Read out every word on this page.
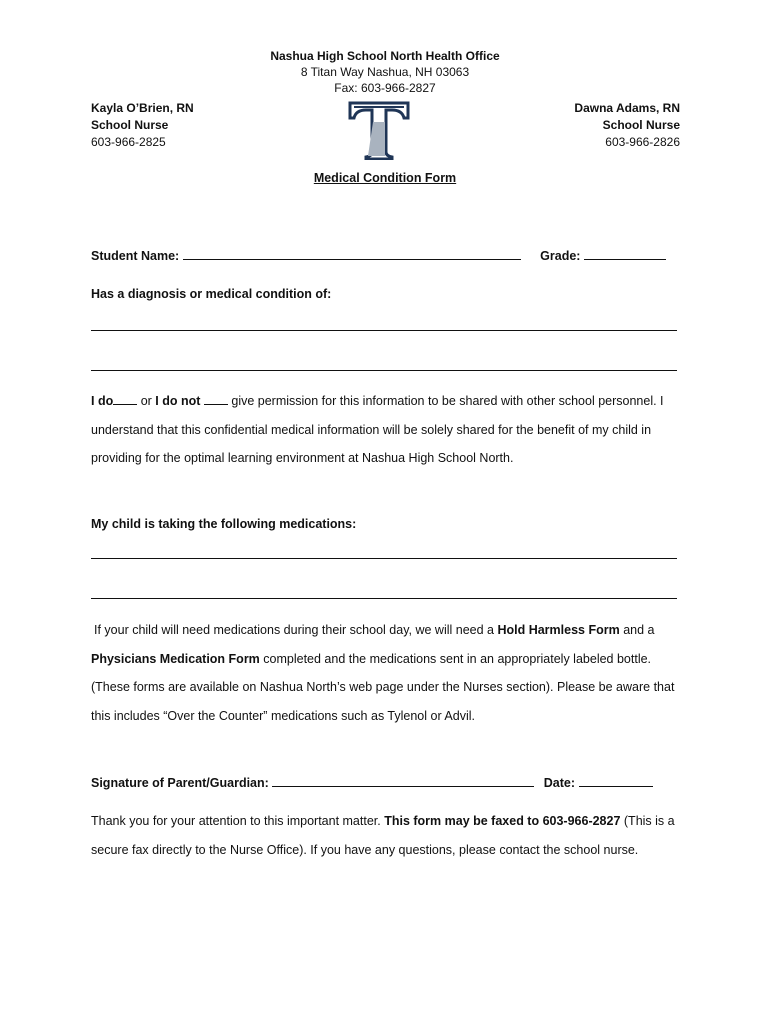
Nashua High School North Health Office
8 Titan Way Nashua, NH 03063
Fax: 603-966-2827
Kayla O’Brien, RN
School Nurse
603-966-2825
Dawna Adams, RN
School Nurse
603-966-2826
Medical Condition Form
Student Name:	Grade:
Has a diagnosis or medical condition of:
I do or I do not  give permission for this information to be shared with other school personnel. I understand that this confidential medical information will be solely shared for the benefit of my child in providing for the optimal learning environment at Nashua High School North.
My child is taking the following medications:
If your child will need medications during their school day, we will need a Hold Harmless Form and a Physicians Medication Form completed and the medications sent in an appropriately labeled bottle. (These forms are available on Nashua North’s web page under the Nurses section). Please be aware that this includes “Over the Counter” medications such as Tylenol or Advil.
Signature of Parent/Guardian:	Date:
Thank you for your attention to this important matter. This form may be faxed to 603-966-2827 (This is a secure fax directly to the Nurse Office). If you have any questions, please contact the school nurse.
